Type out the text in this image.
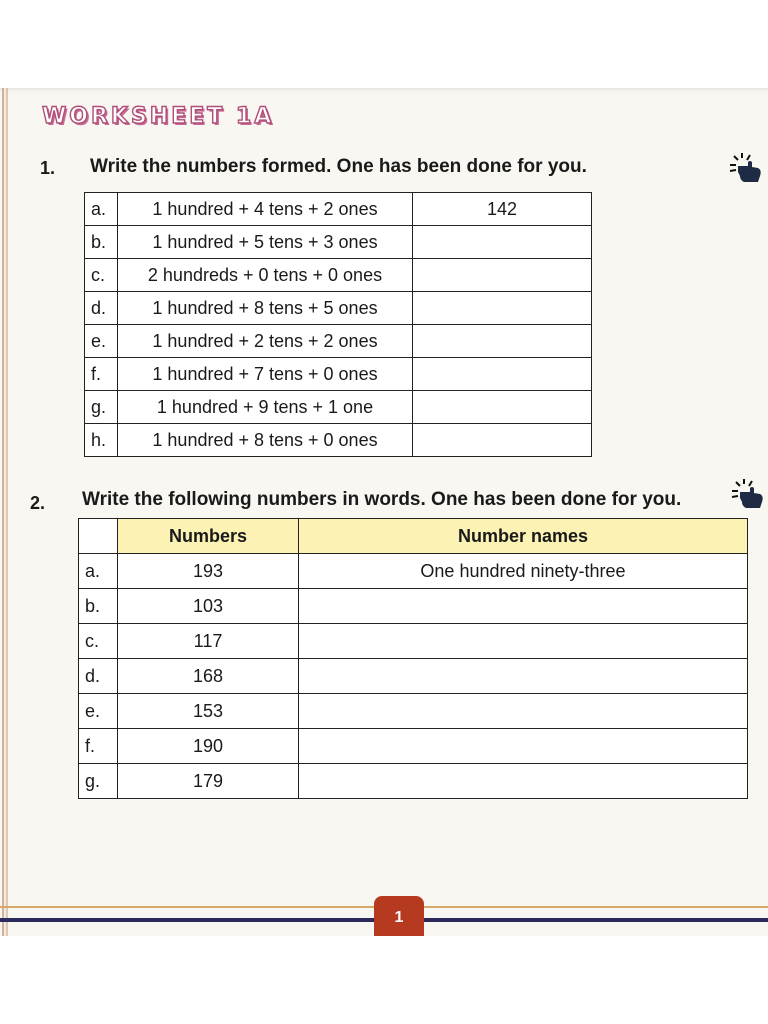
WORKSHEET 1A
1. Write the numbers formed. One has been done for you.
a.	1 hundred + 4 tens + 2 ones	142
b.	1 hundred + 5 tens + 3 ones	
c.	2 hundreds + 0 tens + 0 ones	
d.	1 hundred + 8 tens + 5 ones	
e.	1 hundred + 2 tens + 2 ones	
f.	1 hundred + 7 tens + 0 ones	
g.	1 hundred + 9 tens + 1 one	
h.	1 hundred + 8 tens + 0 ones	
2. Write the following numbers in words. One has been done for you.
	Numbers	Number names
a.	193	One hundred ninety-three
b.	103	
c.	117	
d.	168	
e.	153	
f.	190	
g.	179	
1
